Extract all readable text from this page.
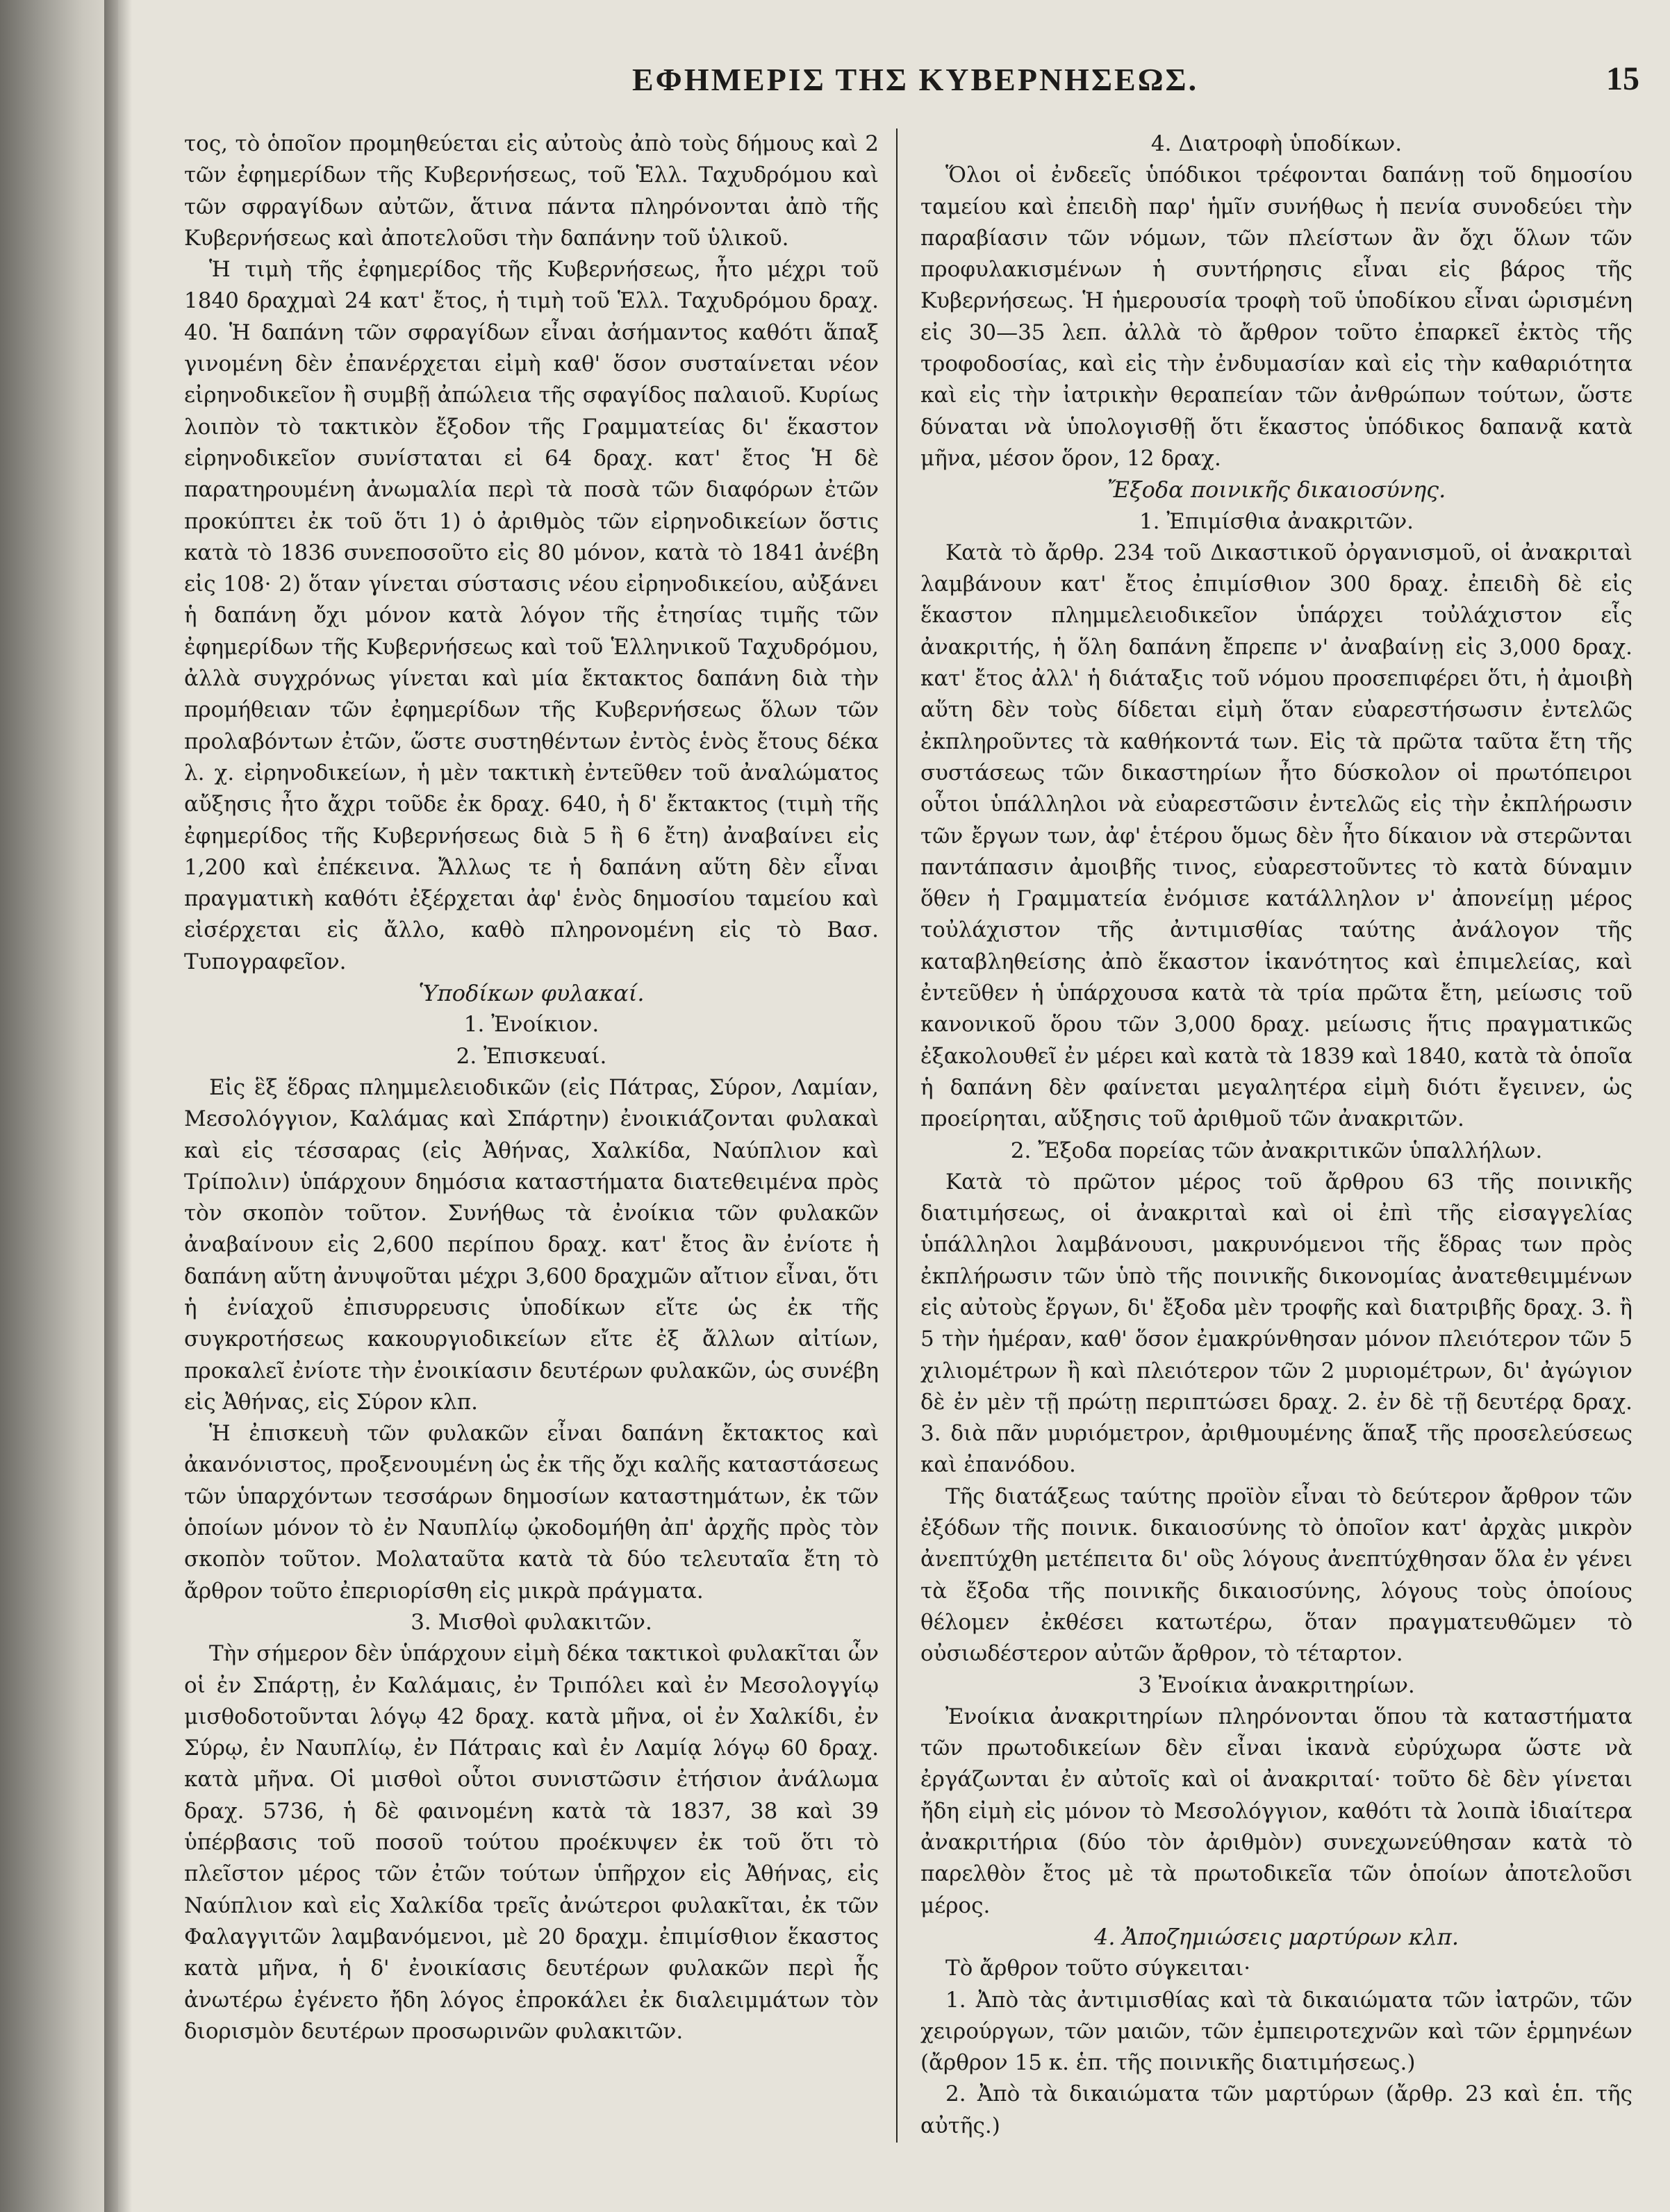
ΕΦΗΜΕΡΙΣ ΤΗΣ ΚΥΒΕΡΝΗΣΕΩΣ.	15

τος, τὸ ὁποῖον προμηθεύεται εἰς αὐτοὺς ἀπὸ τοὺς δήμους καὶ 2 τῶν ἐφημερίδων τῆς Κυβερνήσεως, τοῦ Ἑλλ. Ταχυδρόμου καὶ τῶν σφραγίδων αὐτῶν, ἅτινα πάντα πληρόνονται ἀπὸ τῆς Κυβερνήσεως καὶ ἀποτελοῦσι τὴν δαπάνην τοῦ ὑλικοῦ.

Ἡ τιμὴ τῆς ἐφημερίδος τῆς Κυβερνήσεως, ἦτο μέχρι τοῦ 1840 δραχμαὶ 24 κατ' ἔτος, ἡ τιμὴ τοῦ Ἑλλ. Ταχυδρόμου δραχ. 40. Ἡ δαπάνη τῶν σφραγίδων εἶναι ἀσήμαντος καθότι ἅπαξ γινομένη δὲν ἐπανέρχεται εἰμὴ καθ' ὅσον συσταίνεται νέον εἰρηνοδικεῖον ἢ συμβῇ ἀπώλεια τῆς σφαγίδος παλαιοῦ. Κυρίως λοιπὸν τὸ τακτικὸν ἔξοδον τῆς Γραμματείας δι' ἕκαστον εἰρηνοδικεῖον συνίσταται εἰ 64 δραχ. κατ' ἔτος Ἡ δὲ παρατηρουμένη ἀνωμαλία περὶ τὰ ποσὰ τῶν διαφόρων ἐτῶν προκύπτει ἐκ τοῦ ὅτι 1) ὁ ἀριθμὸς τῶν εἰρηνοδικείων ὅστις κατὰ τὸ 1836 συνεποσοῦτο εἰς 80 μόνον, κατὰ τὸ 1841 ἀνέβη εἰς 108· 2) ὅταν γίνεται σύστασις νέου εἰρηνοδικείου, αὐξάνει ἡ δαπάνη ὄχι μόνον κατὰ λόγον τῆς ἐτησίας τιμῆς τῶν ἐφημερίδων τῆς Κυβερνήσεως καὶ τοῦ Ἑλληνικοῦ Ταχυδρόμου, ἀλλὰ συγχρόνως γίνεται καὶ μία ἔκτακτος δαπάνη διὰ τὴν προμήθειαν τῶν ἐφημερίδων τῆς Κυβερνήσεως ὅλων τῶν προλαβόντων ἐτῶν, ὥστε συστηθέντων ἐντὸς ἑνὸς ἔτους δέκα λ. χ. εἰρηνοδικείων, ἡ μὲν τακτικὴ ἐντεῦθεν τοῦ ἀναλώματος αὔξησις ἦτο ἄχρι τοῦδε ἐκ δραχ. 640, ἡ δ' ἔκτακτος (τιμὴ τῆς ἐφημερίδος τῆς Κυβερνήσεως διὰ 5 ἢ 6 ἔτη) ἀναβαίνει εἰς 1,200 καὶ ἐπέκεινα. Ἄλλως τε ἡ δαπάνη αὕτη δὲν εἶναι πραγματικὴ καθότι ἐξέρχεται ἀφ' ἑνὸς δημοσίου ταμείου καὶ εἰσέρχεται εἰς ἄλλο, καθὸ πληρονομένη εἰς τὸ Βασ. Τυπογραφεῖον.

Ὑποδίκων φυλακαί.
1. Ἐνοίκιον.
2. Ἐπισκευαί.

Εἰς ἓξ ἕδρας πλημμελειοδικῶν (εἰς Πάτρας, Σύρον, Λαμίαν, Μεσολόγγιον, Καλάμας καὶ Σπάρτην) ἐνοικιάζονται φυλακαὶ καὶ εἰς τέσσαρας (εἰς Ἀθήνας, Χαλκίδα, Ναύπλιον καὶ Τρίπολιν) ὑπάρχουν δημόσια καταστήματα διατεθειμένα πρὸς τὸν σκοπὸν τοῦτον. Συνήθως τὰ ἐνοίκια τῶν φυλακῶν ἀναβαίνουν εἰς 2,600 περίπου δραχ. κατ' ἔτος ἂν ἐνίοτε ἡ δαπάνη αὕτη ἀνυψοῦται μέχρι 3,600 δραχμῶν αἴτιον εἶναι, ὅτι ἡ ἐνίαχοῦ ἐπισυρρευσις ὑποδίκων εἴτε ὡς ἐκ τῆς συγκροτήσεως κακουργιοδικείων εἴτε ἐξ ἄλλων αἰτίων, προκαλεῖ ἐνίοτε τὴν ἐνοικίασιν δευτέρων φυλακῶν, ὡς συνέβη εἰς Ἀθήνας, εἰς Σύρον κλπ.

Ἡ ἐπισκευὴ τῶν φυλακῶν εἶναι δαπάνη ἔκτακτος καὶ ἀκανόνιστος, προξενουμένη ὡς ἐκ τῆς ὄχι καλῆς καταστάσεως τῶν ὑπαρχόντων τεσσάρων δημοσίων καταστημάτων, ἐκ τῶν ὁποίων μόνον τὸ ἐν Ναυπλίῳ ᾠκοδομήθη ἀπ' ἀρχῆς πρὸς τὸν σκοπὸν τοῦτον. Μολαταῦτα κατὰ τὰ δύο τελευταῖα ἔτη τὸ ἄρθρον τοῦτο ἐπεριορίσθη εἰς μικρὰ πράγματα.

3. Μισθοὶ φυλακιτῶν.

Τὴν σήμερον δὲν ὑπάρχουν εἰμὴ δέκα τακτικοὶ φυλακῖται ὧν οἱ ἐν Σπάρτῃ, ἐν Καλάμαις, ἐν Τριπόλει καὶ ἐν Μεσολογγίῳ μισθοδοτοῦνται λόγῳ 42 δραχ. κατὰ μῆνα, οἱ ἐν Χαλκίδι, ἐν Σύρῳ, ἐν Ναυπλίῳ, ἐν Πάτραις καὶ ἐν Λαμίᾳ λόγῳ 60 δραχ. κατὰ μῆνα. Οἱ μισθοὶ οὗτοι συνιστῶσιν ἐτήσιον ἀνάλωμα δραχ. 5736, ἡ δὲ φαινομένη κατὰ τὰ 1837, 38 καὶ 39 ὑπέρβασις τοῦ ποσοῦ τούτου προέκυψεν ἐκ τοῦ ὅτι τὸ πλεῖστον μέρος τῶν ἐτῶν τούτων ὑπῆρχον εἰς Ἀθήνας, εἰς Ναύπλιον καὶ εἰς Χαλκίδα τρεῖς ἀνώτεροι φυλακῖται, ἐκ τῶν Φαλαγγιτῶν λαμβανόμενοι, μὲ 20 δραχμ. ἐπιμίσθιον ἕκαστος κατὰ μῆνα, ἡ δ' ἐνοικίασις δευτέρων φυλακῶν περὶ ἧς ἀνωτέρω ἐγένετο ἤδη λόγος ἐπροκάλει ἐκ διαλειμμάτων τὸν διορισμὸν δευτέρων προσωρινῶν φυλακιτῶν.

4. Διατροφὴ ὑποδίκων.

Ὅλοι οἱ ἐνδεεῖς ὑπόδικοι τρέφονται δαπάνῃ τοῦ δημοσίου ταμείου καὶ ἐπειδὴ παρ' ἡμῖν συνήθως ἡ πενία συνοδεύει τὴν παραβίασιν τῶν νόμων, τῶν πλείστων ἂν ὄχι ὅλων τῶν προφυλακισμένων ἡ συντήρησις εἶναι εἰς βάρος τῆς Κυβερνήσεως. Ἡ ἡμερουσία τροφὴ τοῦ ὑποδίκου εἶναι ὡρισμένη εἰς 30—35 λεπ. ἀλλὰ τὸ ἄρθρον τοῦτο ἐπαρκεῖ ἐκτὸς τῆς τροφοδοσίας, καὶ εἰς τὴν ἐνδυμασίαν καὶ εἰς τὴν καθαριότητα καὶ εἰς τὴν ἰατρικὴν θεραπείαν τῶν ἀνθρώπων τούτων, ὥστε δύναται νὰ ὑπολογισθῇ ὅτι ἕκαστος ὑπόδικος δαπανᾷ κατὰ μῆνα, μέσον ὅρον, 12 δραχ.

Ἔξοδα ποινικῆς δικαιοσύνης.
1. Ἐπιμίσθια ἀνακριτῶν.

Κατὰ τὸ ἄρθρ. 234 τοῦ Δικαστικοῦ ὀργανισμοῦ, οἱ ἀνακριταὶ λαμβάνουν κατ' ἔτος ἐπιμίσθιον 300 δραχ. ἐπειδὴ δὲ εἰς ἕκαστον πλημμελειοδικεῖον ὑπάρχει τοὐλάχιστον εἷς ἀνακριτής, ἡ ὅλη δαπάνη ἔπρεπε ν' ἀναβαίνῃ εἰς 3,000 δραχ. κατ' ἔτος ἀλλ' ἡ διάταξις τοῦ νόμου προσεπιφέρει ὅτι, ἡ ἀμοιβὴ αὕτη δὲν τοὺς δίδεται εἰμὴ ὅταν εὐαρεστήσωσιν ἐντελῶς ἐκπληροῦντες τὰ καθήκοντά των. Εἰς τὰ πρῶτα ταῦτα ἔτη τῆς συστάσεως τῶν δικαστηρίων ἦτο δύσκολον οἱ πρωτόπειροι οὗτοι ὑπάλληλοι νὰ εὐαρεστῶσιν ἐντελῶς εἰς τὴν ἐκπλήρωσιν τῶν ἔργων των, ἀφ' ἑτέρου ὅμως δὲν ἦτο δίκαιον νὰ στερῶνται παντάπασιν ἀμοιβῆς τινος, εὐαρεστοῦντες τὸ κατὰ δύναμιν ὅθεν ἡ Γραμματεία ἐνόμισε κατάλληλον ν' ἀπονείμῃ μέρος τοὐλάχιστον τῆς ἀντιμισθίας ταύτης ἀνάλογον τῆς καταβληθείσης ἀπὸ ἕκαστον ἱκανότητος καὶ ἐπιμελείας, καὶ ἐντεῦθεν ἡ ὑπάρχουσα κατὰ τὰ τρία πρῶτα ἔτη, μείωσις τοῦ κανονικοῦ ὅρου τῶν 3,000 δραχ. μείωσις ἥτις πραγματικῶς ἐξακολουθεῖ ἐν μέρει καὶ κατὰ τὰ 1839 καὶ 1840, κατὰ τὰ ὁποῖα ἡ δαπάνη δὲν φαίνεται μεγαλητέρα εἰμὴ διότι ἔγεινεν, ὡς προείρηται, αὔξησις τοῦ ἀριθμοῦ τῶν ἀνακριτῶν.

2. Ἔξοδα πορείας τῶν ἀνακριτικῶν ὑπαλλήλων.

Κατὰ τὸ πρῶτον μέρος τοῦ ἄρθρου 63 τῆς ποινικῆς διατιμήσεως, οἱ ἀνακριταὶ καὶ οἱ ἐπὶ τῆς εἰσαγγελίας ὑπάλληλοι λαμβάνουσι, μακρυνόμενοι τῆς ἕδρας των πρὸς ἐκπλήρωσιν τῶν ὑπὸ τῆς ποινικῆς δικονομίας ἀνατεθειμμένων εἰς αὐτοὺς ἔργων, δι' ἔξοδα μὲν τροφῆς καὶ διατριβῆς δραχ. 3. ἢ 5 τὴν ἡμέραν, καθ' ὅσον ἐμακρύνθησαν μόνον πλειότερον τῶν 5 χιλιομέτρων ἢ καὶ πλειότερον τῶν 2 μυριομέτρων, δι' ἀγώγιον δὲ ἐν μὲν τῇ πρώτῃ περιπτώσει δραχ. 2. ἐν δὲ τῇ δευτέρᾳ δραχ. 3. διὰ πᾶν μυριόμετρον, ἀριθμουμένης ἅπαξ τῆς προσελεύσεως καὶ ἐπανόδου.

Τῆς διατάξεως ταύτης προϊὸν εἶναι τὸ δεύτερον ἄρθρον τῶν ἐξόδων τῆς ποινικ. δικαιοσύνης τὸ ὁποῖον κατ' ἀρχὰς μικρὸν ἀνεπτύχθη μετέπειτα δι' οὓς λόγους ἀνεπτύχθησαν ὅλα ἐν γένει τὰ ἔξοδα τῆς ποινικῆς δικαιοσύνης, λόγους τοὺς ὁποίους θέλομεν ἐκθέσει κατωτέρω, ὅταν πραγματευθῶμεν τὸ οὐσιωδέστερον αὐτῶν ἄρθρον, τὸ τέταρτον.

3 Ἐνοίκια ἀνακριτηρίων.

Ἐνοίκια ἀνακριτηρίων πληρόνονται ὅπου τὰ καταστήματα τῶν πρωτοδικείων δὲν εἶναι ἱκανὰ εὐρύχωρα ὥστε νὰ ἐργάζωνται ἐν αὐτοῖς καὶ οἱ ἀνακριταί· τοῦτο δὲ δὲν γίνεται ἤδη εἰμὴ εἰς μόνον τὸ Μεσολόγγιον, καθότι τὰ λοιπὰ ἰδιαίτερα ἀνακριτήρια (δύο τὸν ἀριθμὸν) συνεχωνεύθησαν κατὰ τὸ παρελθὸν ἔτος μὲ τὰ πρωτοδικεῖα τῶν ὁποίων ἀποτελοῦσι μέρος.

4. Ἀποζημιώσεις μαρτύρων κλπ.

Τὸ ἄρθρον τοῦτο σύγκειται·

1. Ἀπὸ τὰς ἀντιμισθίας καὶ τὰ δικαιώματα τῶν ἰατρῶν, τῶν χειρούργων, τῶν μαιῶν, τῶν ἐμπειροτεχνῶν καὶ τῶν ἑρμηνέων (ἄρθρον 15 κ. ἑπ. τῆς ποινικῆς διατιμήσεως.)

2. Ἀπὸ τὰ δικαιώματα τῶν μαρτύρων (ἄρθρ. 23 καὶ ἑπ. τῆς αὐτῆς.)
